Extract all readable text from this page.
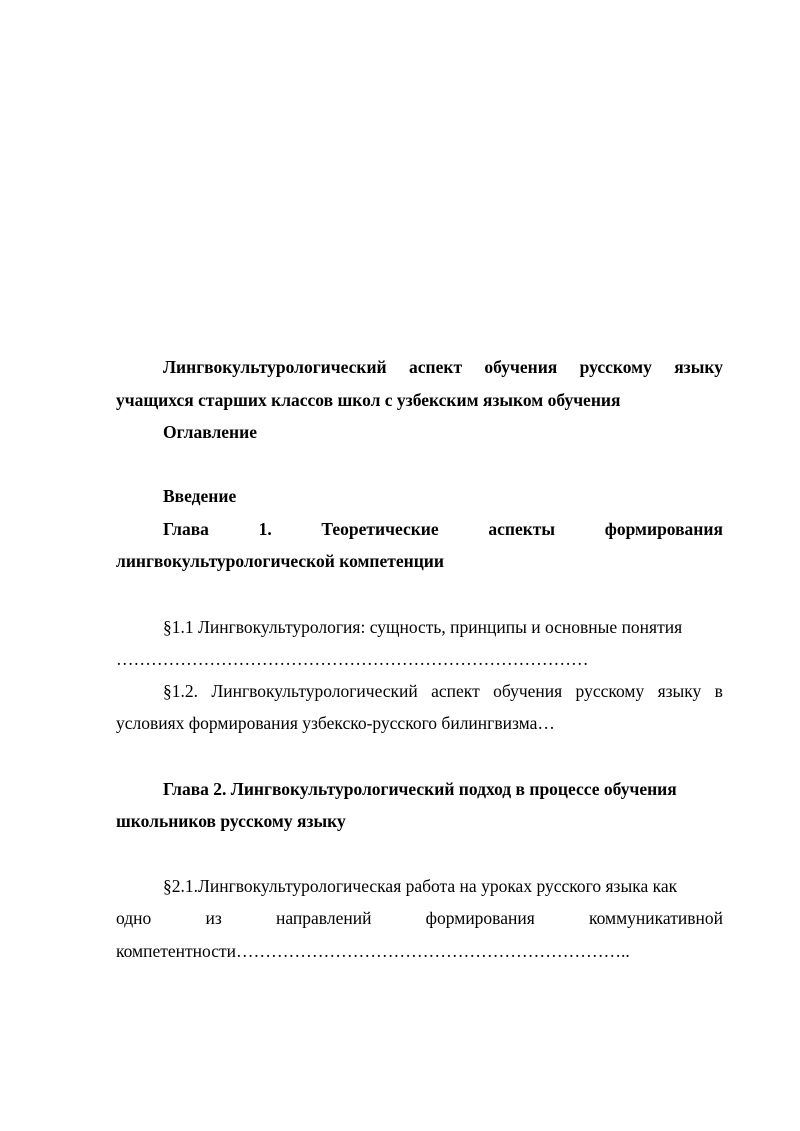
Лингвокультурологический аспект обучения русскому языку
учащихся старших классов школ с узбекским языком обучения
Оглавление
Введение
Глава	1.	Теоретические	аспекты	формирования
лингвокультурологической компетенции
§1.1 Лингвокультурология: сущность, принципы и основные понятия
………………………………………………………………………
§1.2. Лингвокультурологический аспект обучения русскому языку в
условиях формирования узбекско-русского билингвизма…
Глава 2. Лингвокультурологический подход в процессе обучения
школьников русскому языку
§2.1.Лингвокультурологическая работа на уроках русского языка как
одно	из	направлений	формирования	коммуникативной
компетентности…………………………………………………………..
